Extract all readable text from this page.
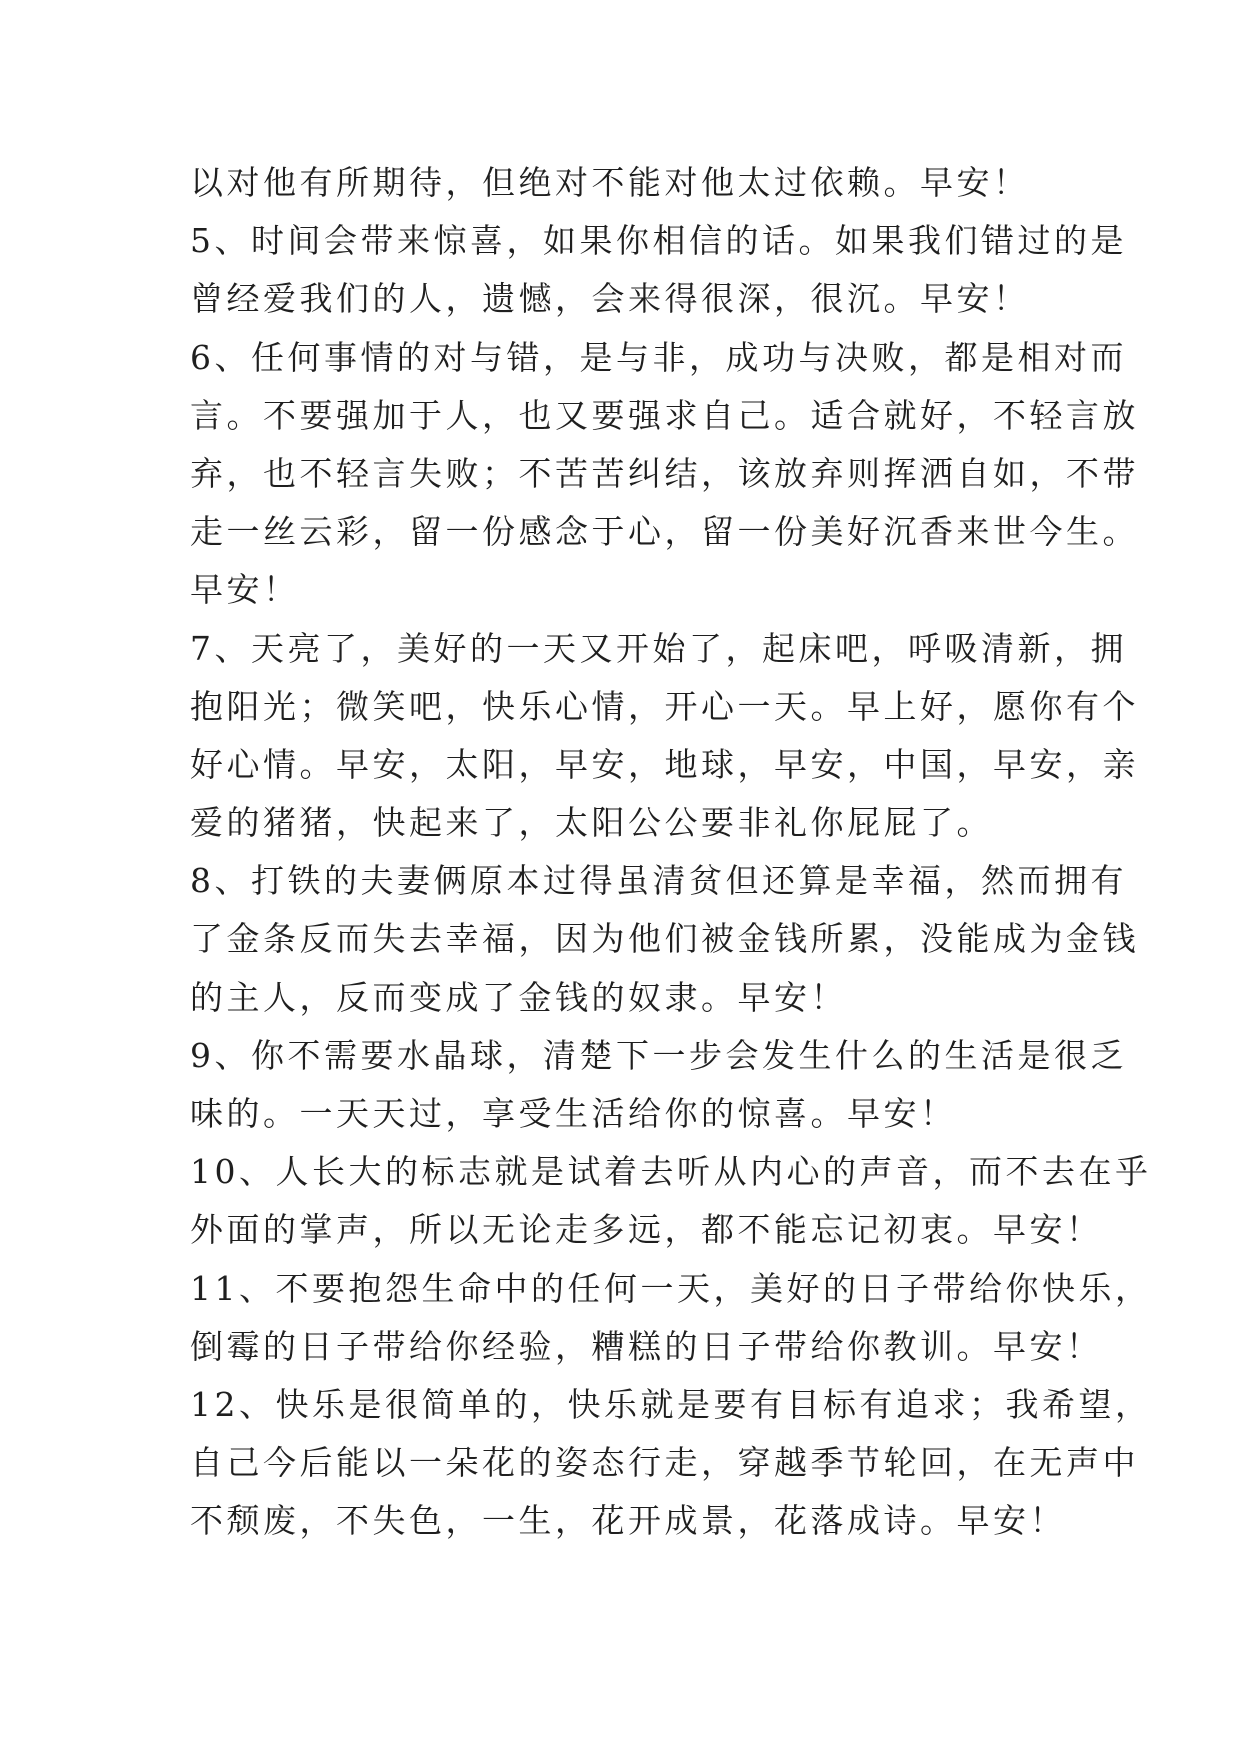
以对他有所期待，但绝对不能对他太过依赖。早安！
5、时间会带来惊喜，如果你相信的话。如果我们错过的是
曾经爱我们的人，遗憾，会来得很深，很沉。早安！
6、任何事情的对与错，是与非，成功与决败，都是相对而
言。不要强加于人，也又要强求自己。适合就好，不轻言放
弃，也不轻言失败；不苦苦纠结，该放弃则挥洒自如，不带
走一丝云彩，留一份感念于心，留一份美好沉香来世今生。
早安！
7、天亮了，美好的一天又开始了，起床吧，呼吸清新，拥
抱阳光；微笑吧，快乐心情，开心一天。早上好，愿你有个
好心情。早安，太阳，早安，地球，早安，中国，早安，亲
爱的猪猪，快起来了，太阳公公要非礼你屁屁了。
8、打铁的夫妻俩原本过得虽清贫但还算是幸福，然而拥有
了金条反而失去幸福，因为他们被金钱所累，没能成为金钱
的主人，反而变成了金钱的奴隶。早安！
9、你不需要水晶球，清楚下一步会发生什么的生活是很乏
味的。一天天过，享受生活给你的惊喜。早安！
10、人长大的标志就是试着去听从内心的声音，而不去在乎
外面的掌声，所以无论走多远，都不能忘记初衷。早安！
11、不要抱怨生命中的任何一天，美好的日子带给你快乐，
倒霉的日子带给你经验，糟糕的日子带给你教训。早安！
12、快乐是很简单的，快乐就是要有目标有追求；我希望，
自己今后能以一朵花的姿态行走，穿越季节轮回，在无声中
不颓废，不失色，一生，花开成景，花落成诗。早安！
